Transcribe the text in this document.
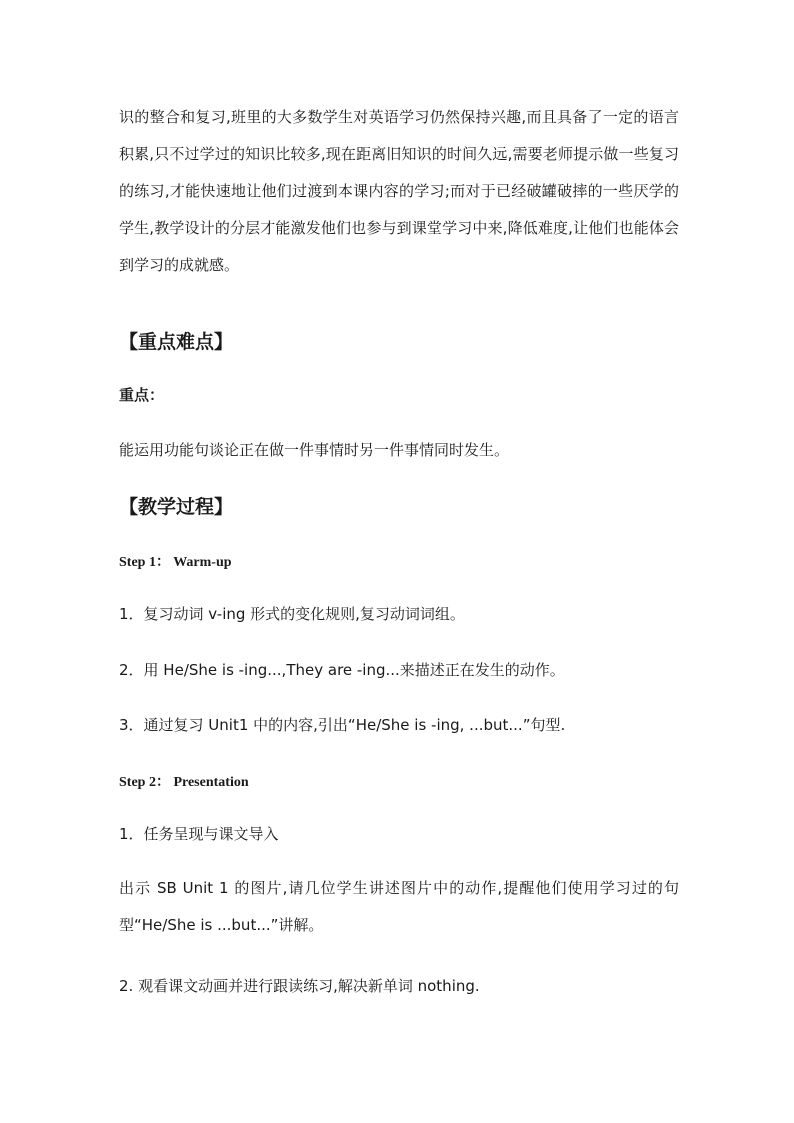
识的整合和复习,班里的大多数学生对英语学习仍然保持兴趣,而且具备了一定的语言积累,只不过学过的知识比较多,现在距离旧知识的时间久远,需要老师提示做一些复习的练习,才能快速地让他们过渡到本课内容的学习;而对于已经破罐破摔的一些厌学的学生,教学设计的分层才能激发他们也参与到课堂学习中来,降低难度,让他们也能体会到学习的成就感。

【重点难点】

重点：

能运用功能句谈论正在做一件事情时另一件事情同时发生。

【教学过程】

Step 1： Warm-up

1．复习动词 v-ing 形式的变化规则,复习动词词组。

2．用 He/She is -ing...,They are -ing...来描述正在发生的动作。

3．通过复习 Unit1 中的内容,引出“He/She is -ing, ...but...”句型.

Step 2： Presentation

1．任务呈现与课文导入

出示 SB Unit 1 的图片,请几位学生讲述图片中的动作,提醒他们使用学习过的句型“He/She is ...but...”讲解。

2. 观看课文动画并进行跟读练习,解决新单词 nothing.
